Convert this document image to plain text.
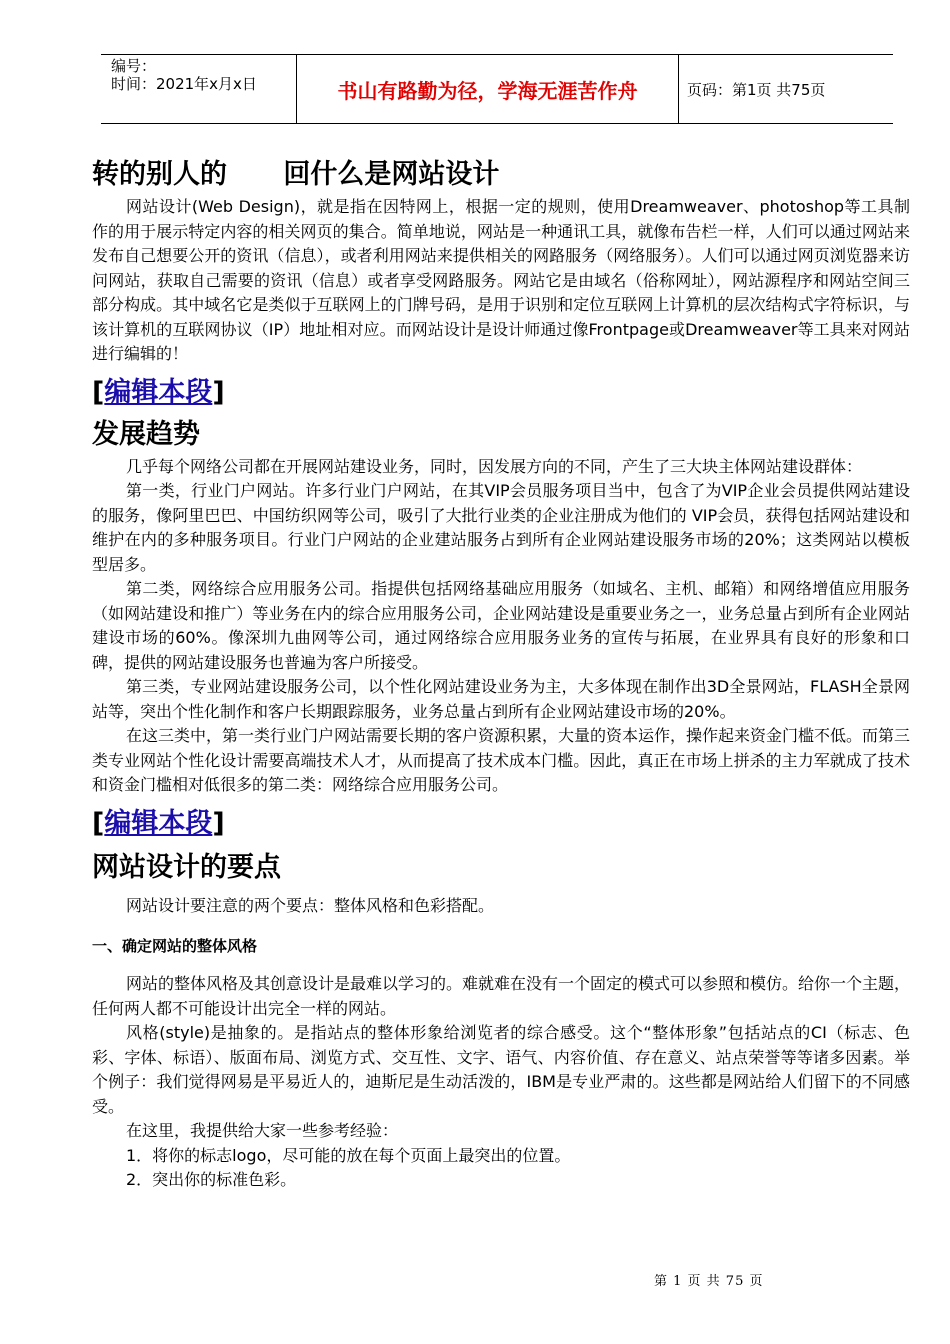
编号：
时间：2021年x月x日	书山有路勤为径，学海无涯苦作舟	页码：第1页 共75页
转的别人的      回什么是网站设计

网站设计(Web Design)，就是指在因特网上，根据一定的规则，使用Dreamweaver、photoshop等工具制作的用于展示特定内容的相关网页的集合。简单地说，网站是一种通讯工具，就像布告栏一样，人们可以通过网站来发布自己想要公开的资讯（信息），或者利用网站来提供相关的网路服务（网络服务）。人们可以通过网页浏览器来访问网站，获取自己需要的资讯（信息）或者享受网路服务。网站它是由域名（俗称网址），网站源程序和网站空间三部分构成。其中域名它是类似于互联网上的门牌号码，是用于识别和定位互联网上计算机的层次结构式字符标识，与该计算机的互联网协议（IP）地址相对应。而网站设计是设计师通过像Frontpage或Dreamweaver等工具来对网站进行编辑的！

[编辑本段]
发展趋势

几乎每个网络公司都在开展网站建设业务，同时，因发展方向的不同，产生了三大块主体网站建设群体：

第一类，行业门户网站。许多行业门户网站，在其VIP会员服务项目当中，包含了为VIP企业会员提供网站建设的服务，像阿里巴巴、中国纺织网等公司，吸引了大批行业类的企业注册成为他们的 VIP会员，获得包括网站建设和维护在内的多种服务项目。行业门户网站的企业建站服务占到所有企业网站建设服务市场的20%；这类网站以模板型居多。

第二类，网络综合应用服务公司。指提供包括网络基础应用服务（如域名、主机、邮箱）和网络增值应用服务（如网站建设和推广）等业务在内的综合应用服务公司，企业网站建设是重要业务之一，业务总量占到所有企业网站建设市场的60%。像深圳九曲网等公司，通过网络综合应用服务业务的宣传与拓展，在业界具有良好的形象和口碑，提供的网站建设服务也普遍为客户所接受。

第三类，专业网站建设服务公司，以个性化网站建设业务为主，大多体现在制作出3D全景网站，FLASH全景网站等，突出个性化制作和客户长期跟踪服务，业务总量占到所有企业网站建设市场的20%。

在这三类中，第一类行业门户网站需要长期的客户资源积累，大量的资本运作，操作起来资金门槛不低。而第三类专业网站个性化设计需要高端技术人才，从而提高了技术成本门槛。因此，真正在市场上拼杀的主力军就成了技术和资金门槛相对低很多的第二类：网络综合应用服务公司。

[编辑本段]
网站设计的要点

网站设计要注意的两个要点：整体风格和色彩搭配。

一、确定网站的整体风格

网站的整体风格及其创意设计是最难以学习的。难就难在没有一个固定的模式可以参照和模仿。给你一个主题，任何两人都不可能设计出完全一样的网站。

风格(style)是抽象的。是指站点的整体形象给浏览者的综合感受。这个“整体形象”包括站点的CI（标志、色彩、字体、标语）、版面布局、浏览方式、交互性、文字、语气、内容价值、存在意义、站点荣誉等等诸多因素。举个例子：我们觉得网易是平易近人的，迪斯尼是生动活泼的，IBM是专业严肃的。这些都是网站给人们留下的不同感受。

在这里，我提供给大家一些参考经验：

1．将你的标志logo，尽可能的放在每个页面上最突出的位置。

2．突出你的标准色彩。

第 1 页 共 75 页
